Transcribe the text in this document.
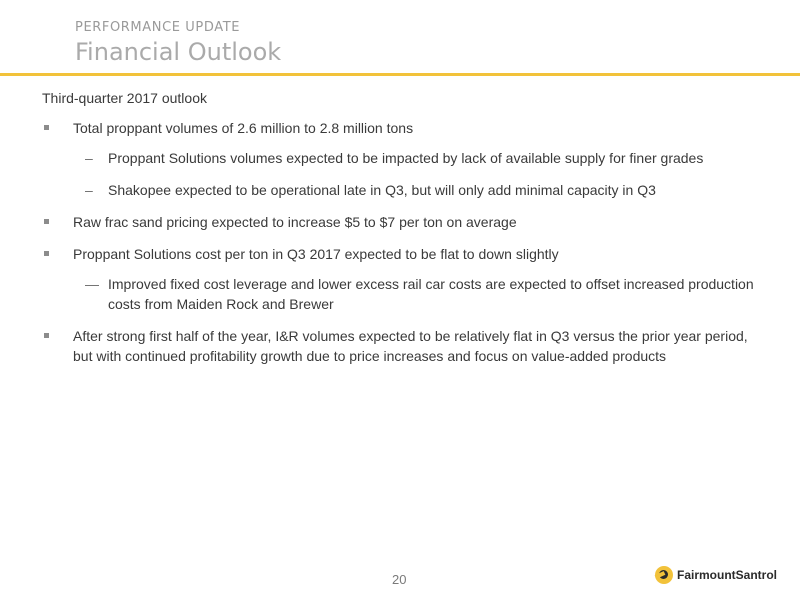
PERFORMANCE UPDATE
Financial Outlook

Third-quarter 2017 outlook

Total proppant volumes of 2.6 million to 2.8 million tons
– Proppant Solutions volumes expected to be impacted by lack of available supply for finer grades
– Shakopee expected to be operational late in Q3, but will only add minimal capacity in Q3
Raw frac sand pricing expected to increase $5 to $7 per ton on average
Proppant Solutions cost per ton in Q3 2017 expected to be flat to down slightly
— Improved fixed cost leverage and lower excess rail car costs are expected to offset increased production costs from Maiden Rock and Brewer
After strong first half of the year, I&R volumes expected to be relatively flat in Q3 versus the prior year period, but with continued profitability growth due to price increases and focus on value-added products
20	FairmountSantrol
